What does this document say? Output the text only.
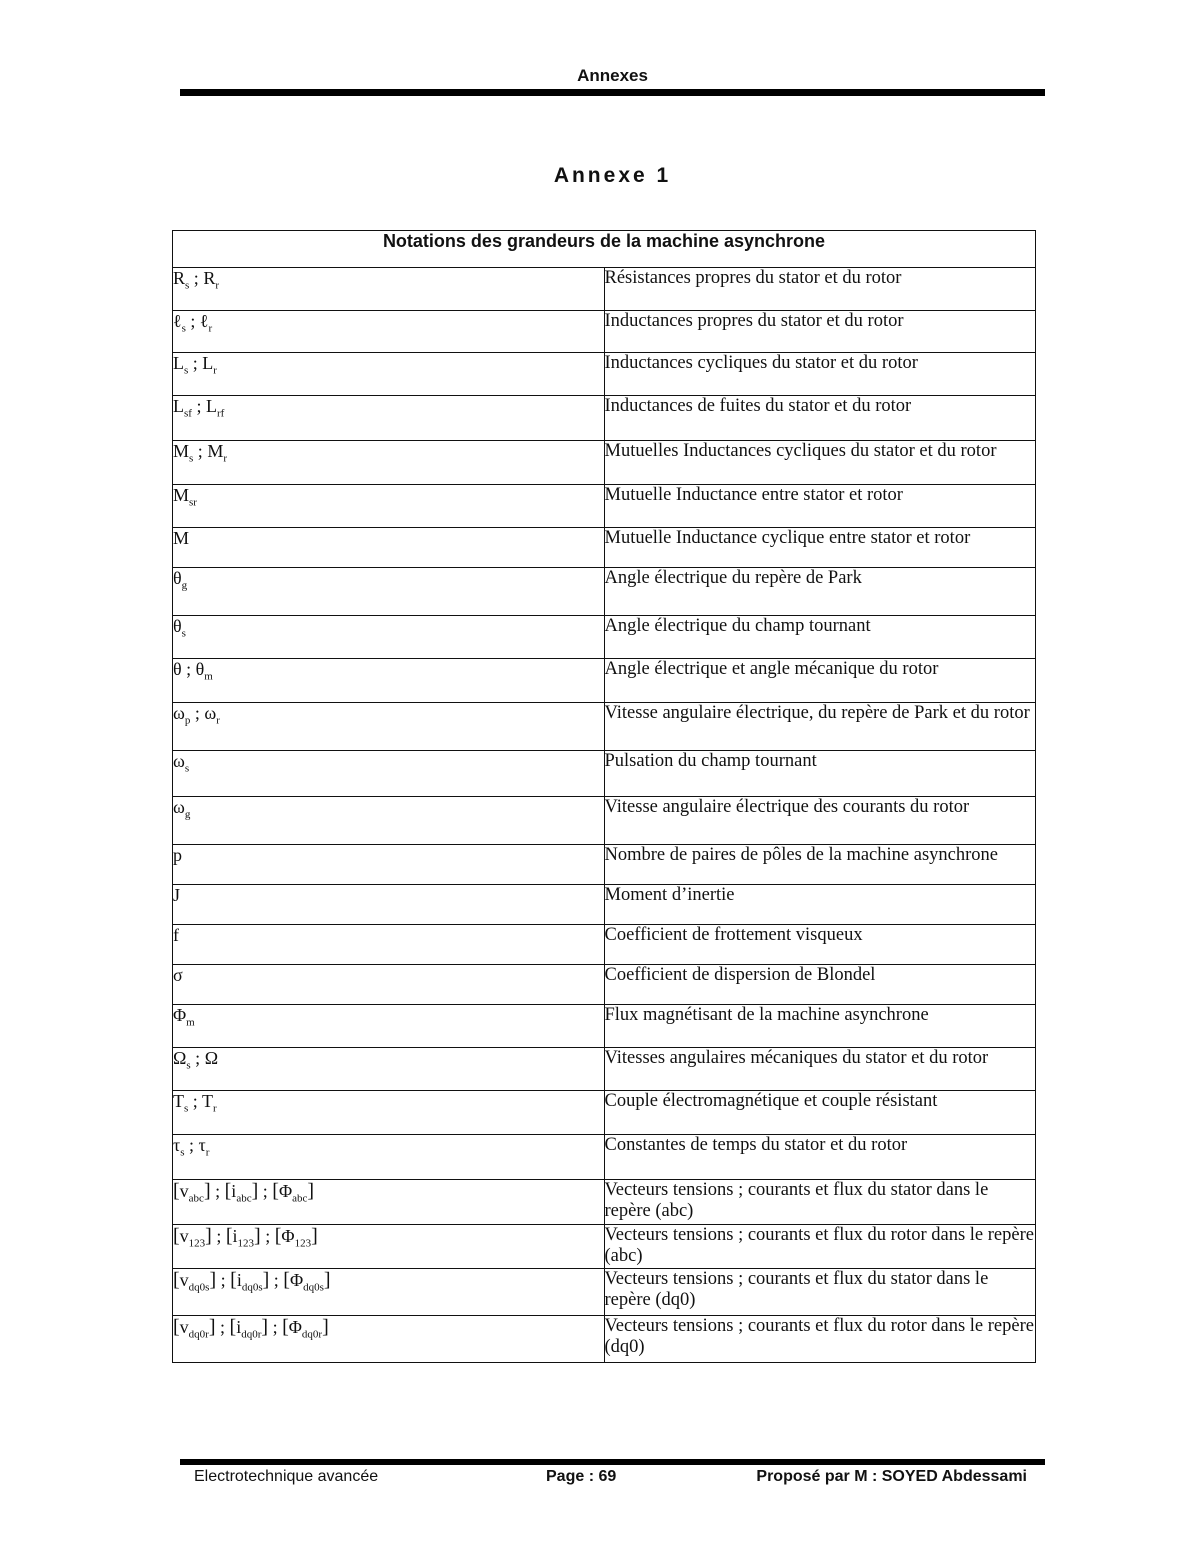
Annexes
Annexe 1
Notations des grandeurs de la machine asynchrone	
$R_s$ ; $R_r$	Résistances propres du stator et du rotor
ℓ$_s$ ; ℓ$_r$	Inductances propres du stator et du rotor
$L_s$ ; $L_r$	Inductances cycliques du stator et du rotor
$L_{sf}$ ; $L_{rf}$	Inductances de fuites du stator et du rotor
$M_s$ ; $M_r$	Mutuelles Inductances cycliques du stator et du rotor
$M_{sr}$	Mutuelle Inductance entre stator et rotor
M	Mutuelle Inductance cyclique entre stator et rotor
$\theta_g$	Angle électrique du repère de Park
$\theta_s$	Angle électrique du champ tournant
θ ; $\theta_m$	Angle électrique et angle mécanique du rotor
$\omega_p$ ; $\omega_r$	Vitesse angulaire électrique, du repère de Park et du rotor
$\omega_s$	Pulsation du champ tournant
$\omega_g$	Vitesse angulaire électrique des courants du rotor
p	Nombre de paires de pôles de la machine asynchrone
J	Moment d’inertie
f	Coefficient de frottement visqueux
σ	Coefficient de dispersion de Blondel
$\Phi_m$	Flux magnétisant de la machine asynchrone
$\Omega_s$ ; Ω	Vitesses angulaires mécaniques du stator et du rotor
$T_s$ ; $T_r$	Couple électromagnétique et couple résistant
$\tau_s$ ; $\tau_r$	Constantes de temps du stator et du rotor
$[v_{abc}]$ ; $[i_{abc}]$ ; $[\Phi_{abc}]$	Vecteurs tensions ; courants et flux du stator dans le repère (abc)
$[v_{123}]$ ; $[i_{123}]$ ; $[\Phi_{123}]$	Vecteurs tensions ; courants et flux du rotor dans le repère (abc)
$[v_{dq0s}]$ ; $[i_{dq0s}]$ ; $[\Phi_{dq0s}]$	Vecteurs tensions ; courants et flux du stator dans le repère (dq0)
$[v_{dq0r}]$ ; $[i_{dq0r}]$ ; $[\Phi_{dq0r}]$	Vecteurs tensions ; courants et flux du rotor dans le repère (dq0)
Electrotechnique avancée	Page : 69	Proposé par M : SOYED Abdessami
